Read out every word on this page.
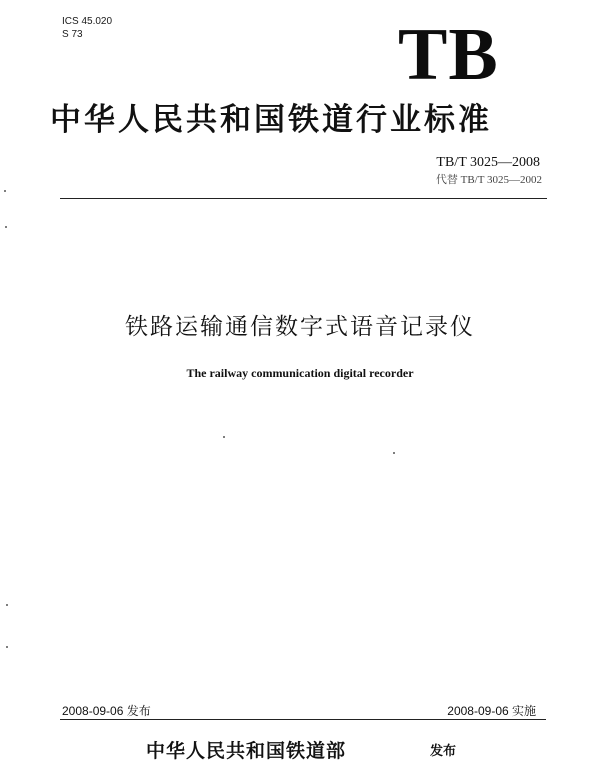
ICS 45.020
S 73	TB
中华人民共和国铁道行业标准
TB/T 3025—2008
代替 TB/T 3025—2002
铁路运输通信数字式语音记录仪
The railway communication digital recorder
2008-09-06 发布	2008-09-06 实施
中华人民共和国铁道部	发布
